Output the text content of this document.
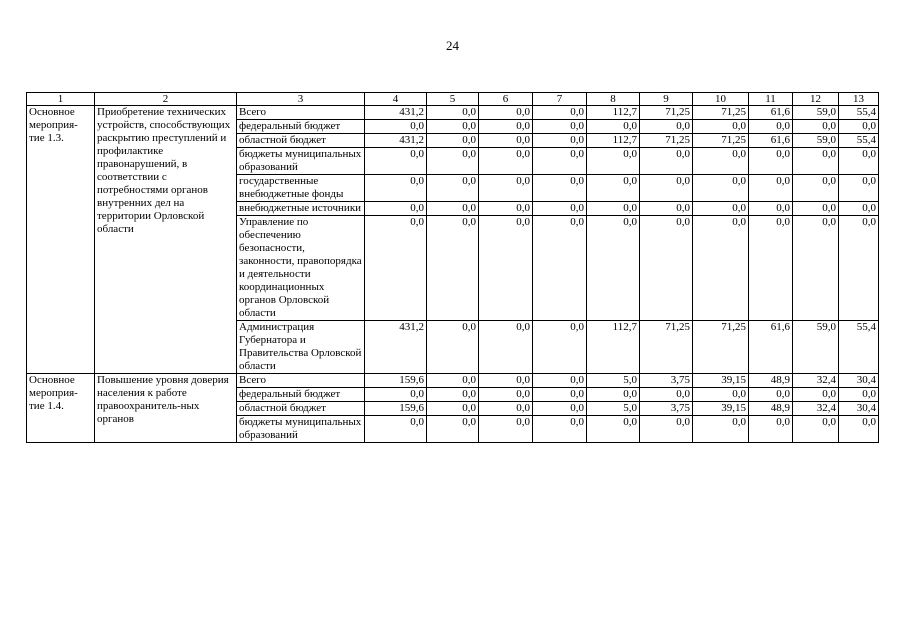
24
1	2	3	4	5	6	7	8	9	10	11	12	13
Основное мероприя-тие 1.3.	Приобретение технических устройств, способствующих раскрытию преступлений и профилактике правонарушений, в соответствии с потребностями органов внутренних дел на территории Орловской области	Всего	431,2	0,0	0,0	0,0	112,7	71,25	71,25	61,6	59,0	55,4
		федеральный бюджет	0,0	0,0	0,0	0,0	0,0	0,0	0,0	0,0	0,0	0,0
		областной бюджет	431,2	0,0	0,0	0,0	112,7	71,25	71,25	61,6	59,0	55,4
		бюджеты муниципальных образований	0,0	0,0	0,0	0,0	0,0	0,0	0,0	0,0	0,0	0,0
		государственные внебюджетные фонды	0,0	0,0	0,0	0,0	0,0	0,0	0,0	0,0	0,0	0,0
		внебюджетные источники	0,0	0,0	0,0	0,0	0,0	0,0	0,0	0,0	0,0	0,0
		Управление по обеспечению безопасности, законности, правопорядка и деятельности координационных органов Орловской области	0,0	0,0	0,0	0,0	0,0	0,0	0,0	0,0	0,0	0,0
		Администрация Губернатора и Правительства Орловской области	431,2	0,0	0,0	0,0	112,7	71,25	71,25	61,6	59,0	55,4
Основное мероприя-тие 1.4.	Повышение уровня доверия населения к работе правоохранитель-ных органов	Всего	159,6	0,0	0,0	0,0	5,0	3,75	39,15	48,9	32,4	30,4
		федеральный бюджет	0,0	0,0	0,0	0,0	0,0	0,0	0,0	0,0	0,0	0,0
		областной бюджет	159,6	0,0	0,0	0,0	5,0	3,75	39,15	48,9	32,4	30,4
		бюджеты муниципальных образований	0,0	0,0	0,0	0,0	0,0	0,0	0,0	0,0	0,0	0,0
